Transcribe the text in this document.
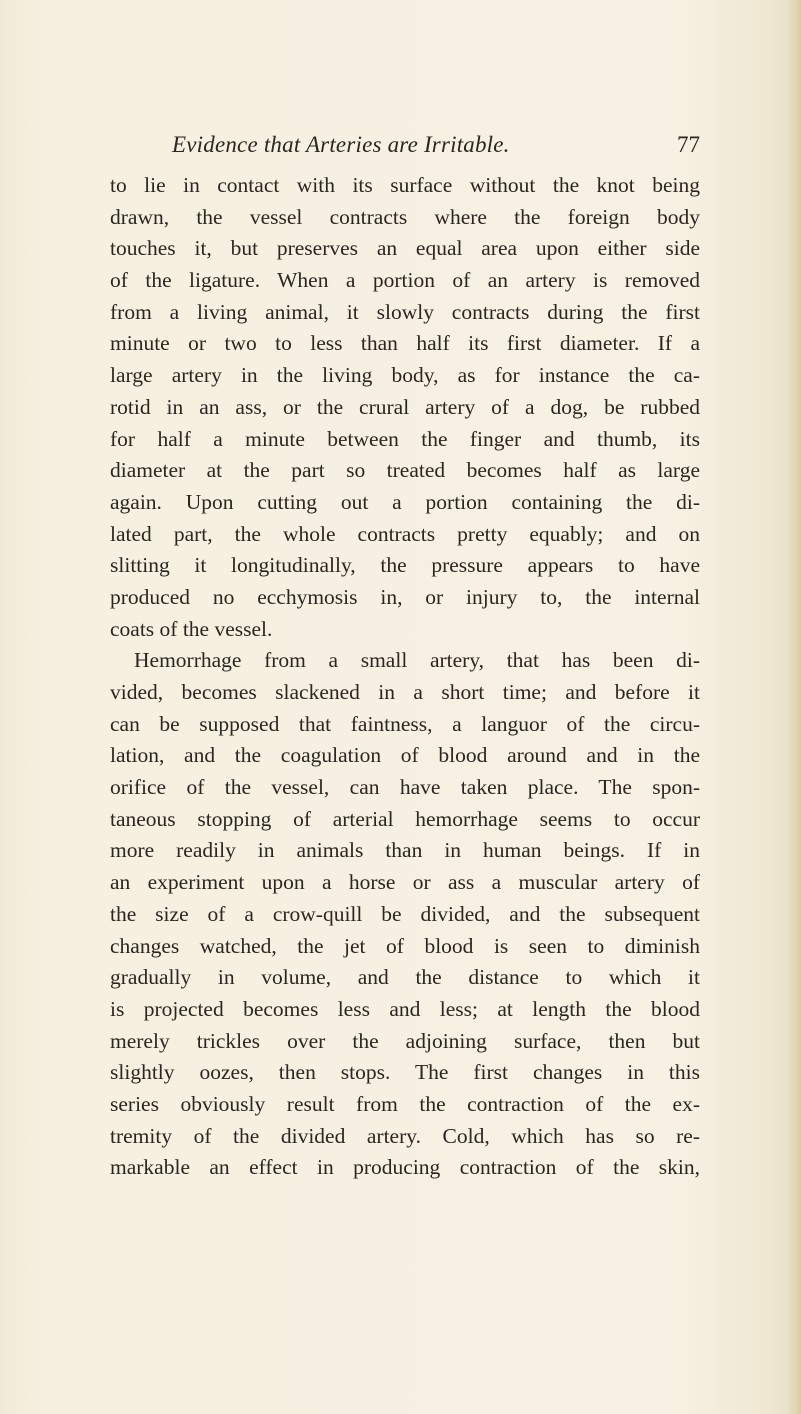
Evidence that Arteries are Irritable.	77
to lie in contact with its surface without the knot being
drawn, the vessel contracts where the foreign body
touches it, but preserves an equal area upon either side
of the ligature. When a portion of an artery is removed
from a living animal, it slowly contracts during the first
minute or two to less than half its first diameter. If a
large artery in the living body, as for instance the ca-
rotid in an ass, or the crural artery of a dog, be rubbed
for half a minute between the finger and thumb, its
diameter at the part so treated becomes half as large
again. Upon cutting out a portion containing the di-
lated part, the whole contracts pretty equably; and on
slitting it longitudinally, the pressure appears to have
produced no ecchymosis in, or injury to, the internal
coats of the vessel.
Hemorrhage from a small artery, that has been di-
vided, becomes slackened in a short time; and before it
can be supposed that faintness, a languor of the circu-
lation, and the coagulation of blood around and in the
orifice of the vessel, can have taken place. The spon-
taneous stopping of arterial hemorrhage seems to occur
more readily in animals than in human beings. If in
an experiment upon a horse or ass a muscular artery of
the size of a crow-quill be divided, and the subsequent
changes watched, the jet of blood is seen to diminish
gradually in volume, and the distance to which it
is projected becomes less and less; at length the blood
merely trickles over the adjoining surface, then but
slightly oozes, then stops. The first changes in this
series obviously result from the contraction of the ex-
tremity of the divided artery. Cold, which has so re-
markable an effect in producing contraction of the skin,
